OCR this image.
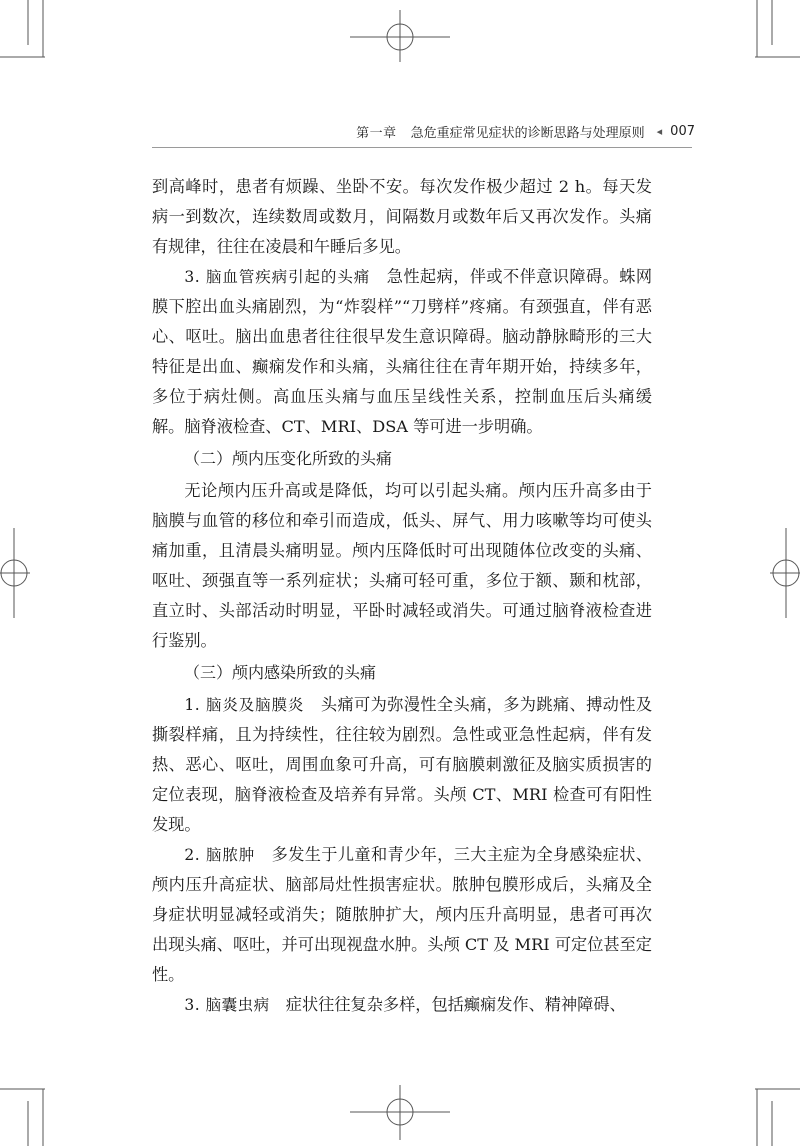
第一章 急危重症常见症状的诊断思路与处理原则 ◂ 007

到高峰时，患者有烦躁、坐卧不安。每次发作极少超过 2 h。每天发病一到数次，连续数周或数月，间隔数月或数年后又再次发作。头痛有规律，往往在凌晨和午睡后多见。

3. 脑血管疾病引起的头痛　 急性起病，伴或不伴意识障碍。蛛网膜下腔出血头痛剧烈，为“炸裂样”“刀劈样”疼痛。有颈强直，伴有恶心、呕吐。脑出血患者往往很早发生意识障碍。脑动静脉畸形的三大特征是出血、癫痫发作和头痛，头痛往往在青年期开始，持续多年，多位于病灶侧。高血压头痛与血压呈线性关系，控制血压后头痛缓解。脑脊液检查、CT、MRI、DSA 等可进一步明确。

（二）颅内压变化所致的头痛

无论颅内压升高或是降低，均可以引起头痛。颅内压升高多由于脑膜与血管的移位和牵引而造成，低头、屏气、用力咳嗽等均可使头痛加重，且清晨头痛明显。颅内压降低时可出现随体位改变的头痛、呕吐、颈强直等一系列症状；头痛可轻可重，多位于额、颞和枕部，直立时、头部活动时明显，平卧时减轻或消失。可通过脑脊液检查进行鉴别。

（三）颅内感染所致的头痛

1. 脑炎及脑膜炎　 头痛可为弥漫性全头痛，多为跳痛、搏动性及撕裂样痛，且为持续性，往往较为剧烈。急性或亚急性起病，伴有发热、恶心、呕吐，周围血象可升高，可有脑膜刺激征及脑实质损害的定位表现，脑脊液检查及培养有异常。头颅 CT、MRI 检查可有阳性发现。

2. 脑脓肿　 多发生于儿童和青少年，三大主症为全身感染症状、颅内压升高症状、脑部局灶性损害症状。脓肿包膜形成后，头痛及全身症状明显减轻或消失；随脓肿扩大，颅内压升高明显，患者可再次出现头痛、呕吐，并可出现视盘水肿。头颅 CT 及 MRI 可定位甚至定性。

3. 脑囊虫病　 症状往往复杂多样，包括癫痫发作、精神障碍、
